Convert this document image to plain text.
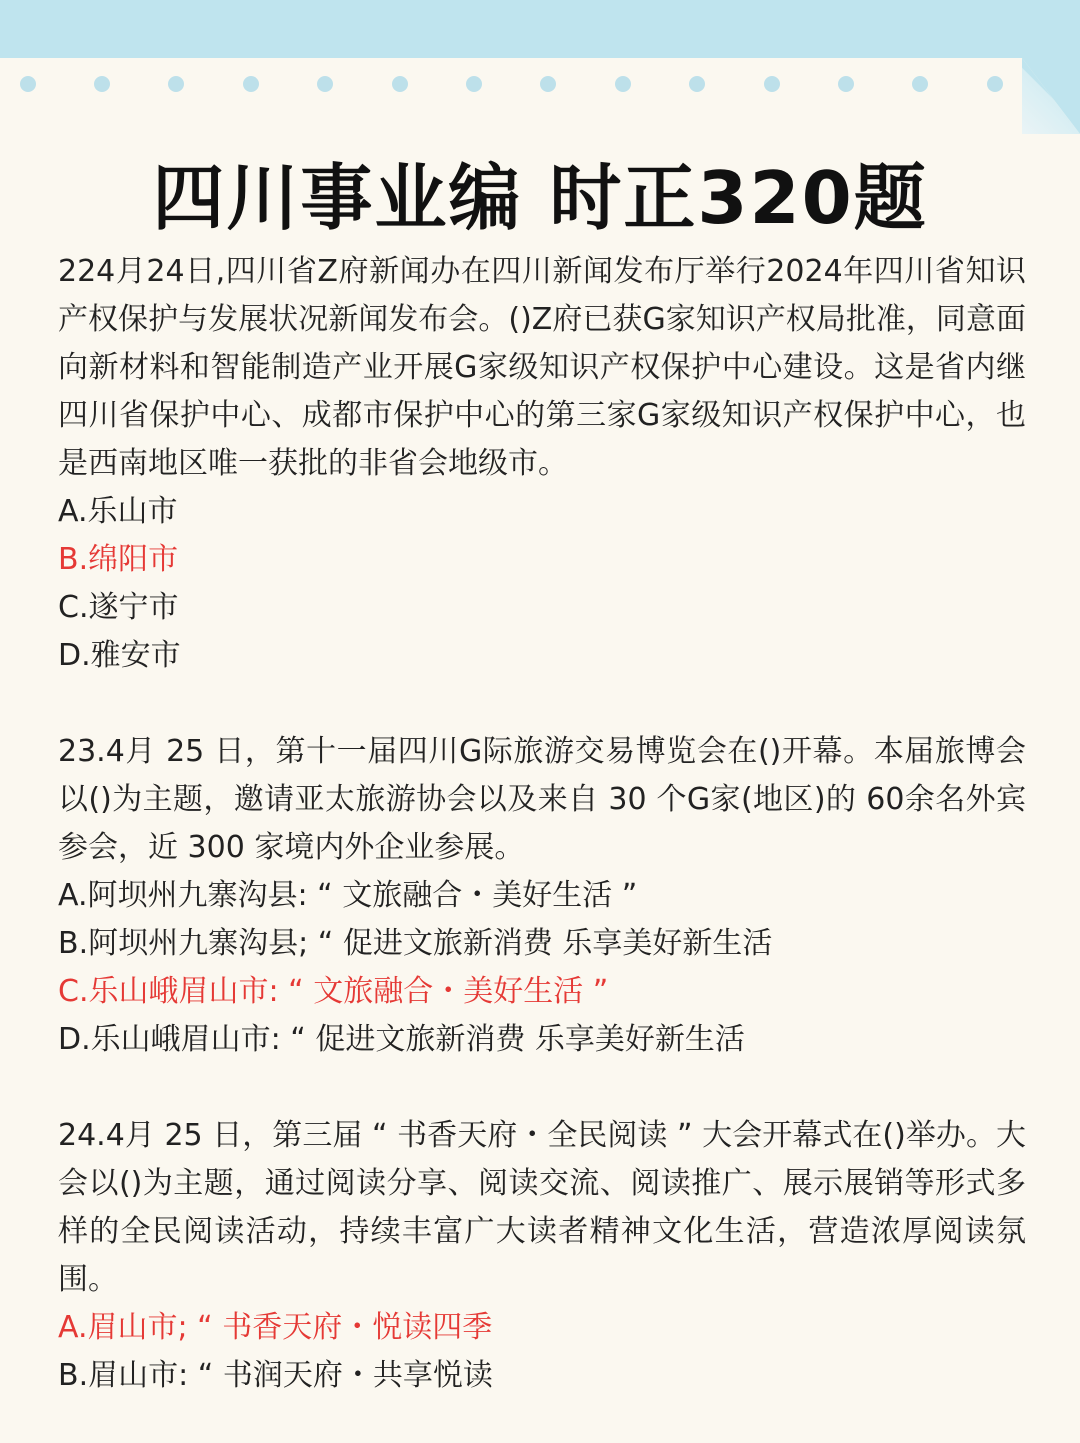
四川事业编 时正320题

224月24日,四川省Z府新闻办在四川新闻发布厅举行2024年四川省知识产权保护与发展状况新闻发布会。()Z府已获G家知识产权局批准，同意面向新材料和智能制造产业开展G家级知识产权保护中心建设。这是省内继四川省保护中心、成都市保护中心的第三家G家级知识产权保护中心，也是西南地区唯一获批的非省会地级市。

A.乐山市

B.绵阳市

C.遂宁市

D.雅安市

23.4月 25 日，第十一届四川G际旅游交易博览会在()开幕。本届旅博会以()为主题，邀请亚太旅游协会以及来自 30 个G家(地区)的 60余名外宾参会，近 300 家境内外企业参展。

A.阿坝州九寨沟县: “ 文旅融合・美好生活 ”

B.阿坝州九寨沟县; “ 促进文旅新消费 乐享美好新生活

C.乐山峨眉山市: “ 文旅融合・美好生活 ”

D.乐山峨眉山市: “ 促进文旅新消费 乐享美好新生活

24.4月 25 日，第三届 “ 书香天府・全民阅读 ” 大会开幕式在()举办。大会以()为主题，通过阅读分享、阅读交流、阅读推广、展示展销等形式多样的全民阅读活动，持续丰富广大读者精神文化生活，营造浓厚阅读氛围。

A.眉山市; “ 书香天府・悦读四季

B.眉山市: “ 书润天府・共享悦读
